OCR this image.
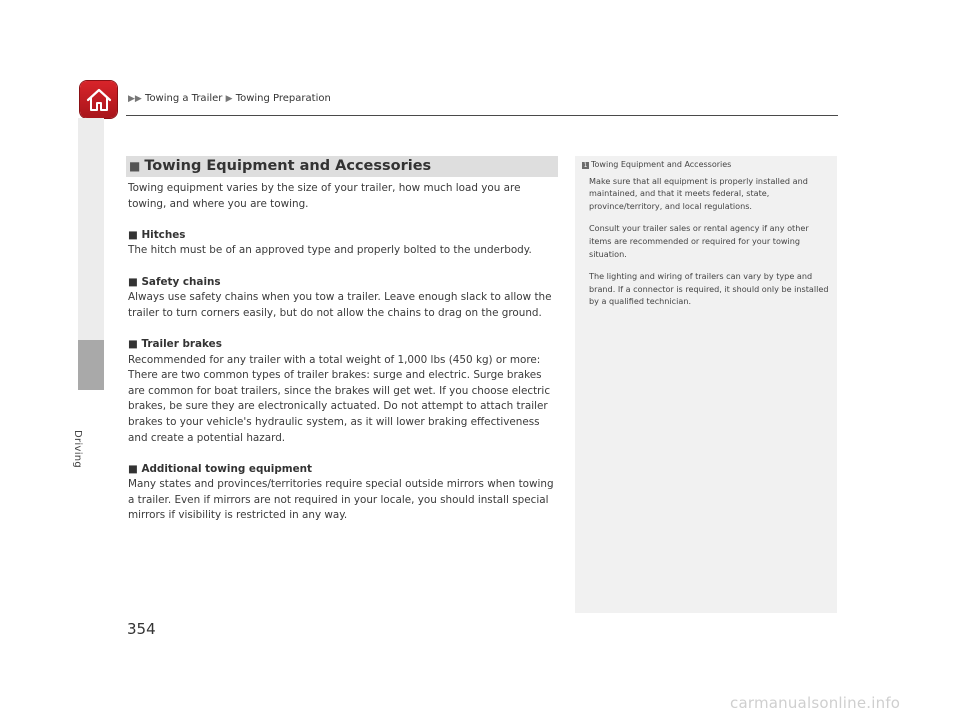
▶▶ Towing a Trailer ▶ Towing Preparation
Driving
■ Towing Equipment and Accessories

Towing equipment varies by the size of your trailer, how much load you are towing, and where you are towing.

■ Hitches

The hitch must be of an approved type and properly bolted to the underbody.

■ Safety chains

Always use safety chains when you tow a trailer. Leave enough slack to allow the trailer to turn corners easily, but do not allow the chains to drag on the ground.

■ Trailer brakes

Recommended for any trailer with a total weight of 1,000 lbs (450 kg) or more:

There are two common types of trailer brakes: surge and electric. Surge brakes are common for boat trailers, since the brakes will get wet. If you choose electric brakes, be sure they are electronically actuated. Do not attempt to attach trailer brakes to your vehicle's hydraulic system, as it will lower braking effectiveness and create a potential hazard.

■ Additional towing equipment

Many states and provinces/territories require special outside mirrors when towing a trailer. Even if mirrors are not required in your locale, you should install special mirrors if visibility is restricted in any way.

1 Towing Equipment and Accessories

Make sure that all equipment is properly installed and maintained, and that it meets federal, state, province/territory, and local regulations.

Consult your trailer sales or rental agency if any other items are recommended or required for your towing situation.

The lighting and wiring of trailers can vary by type and brand. If a connector is required, it should only be installed by a qualified technician.

354
carmanualsonline.info
